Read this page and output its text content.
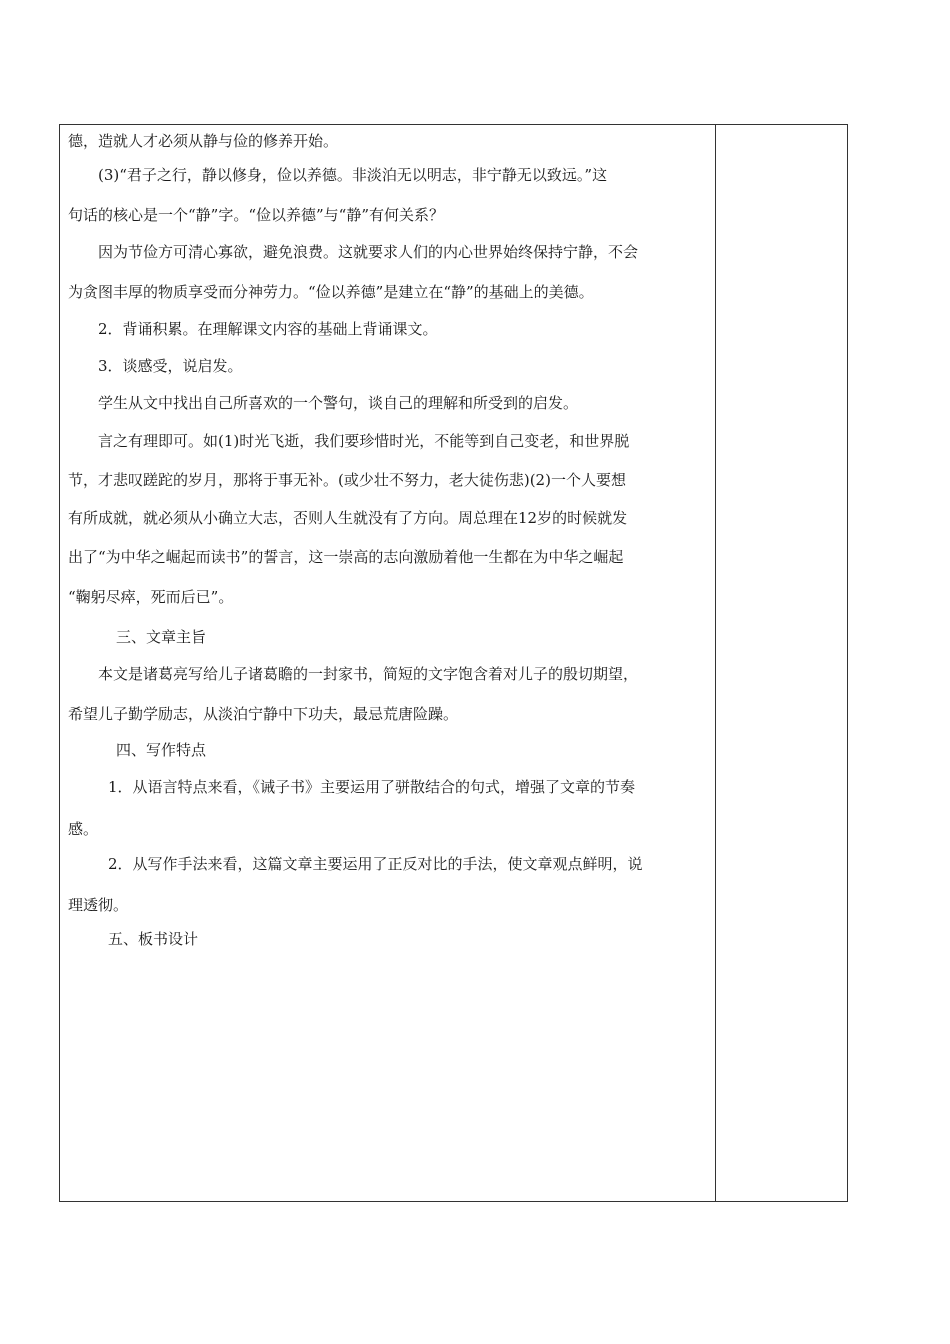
德，造就人才必须从静与俭的修养开始。
(3)“君子之行，静以修身，俭以养德。非淡泊无以明志，非宁静无以致远。”这
句话的核心是一个“静”字。“俭以养德”与“静”有何关系？
因为节俭方可清心寡欲，避免浪费。这就要求人们的内心世界始终保持宁静，不会
为贪图丰厚的物质享受而分神劳力。“俭以养德”是建立在“静”的基础上的美德。
2．背诵积累。在理解课文内容的基础上背诵课文。
3．谈感受，说启发。
学生从文中找出自己所喜欢的一个警句，谈自己的理解和所受到的启发。
言之有理即可。如(1)时光飞逝，我们要珍惜时光，不能等到自己变老，和世界脱
节，才悲叹蹉跎的岁月，那将于事无补。(或少壮不努力，老大徒伤悲)(2)一个人要想
有所成就，就必须从小确立大志，否则人生就没有了方向。周总理在12岁的时候就发
出了“为中华之崛起而读书”的誓言，这一崇高的志向激励着他一生都在为中华之崛起
“鞠躬尽瘁，死而后已”。
三、文章主旨
本文是诸葛亮写给儿子诸葛瞻的一封家书，简短的文字饱含着对儿子的殷切期望，
希望儿子勤学励志，从淡泊宁静中下功夫，最忌荒唐险躁。
四、写作特点
1．从语言特点来看，《诫子书》主要运用了骈散结合的句式，增强了文章的节奏
感。
2．从写作手法来看，这篇文章主要运用了正反对比的手法，使文章观点鲜明，说
理透彻。
五、板书设计
